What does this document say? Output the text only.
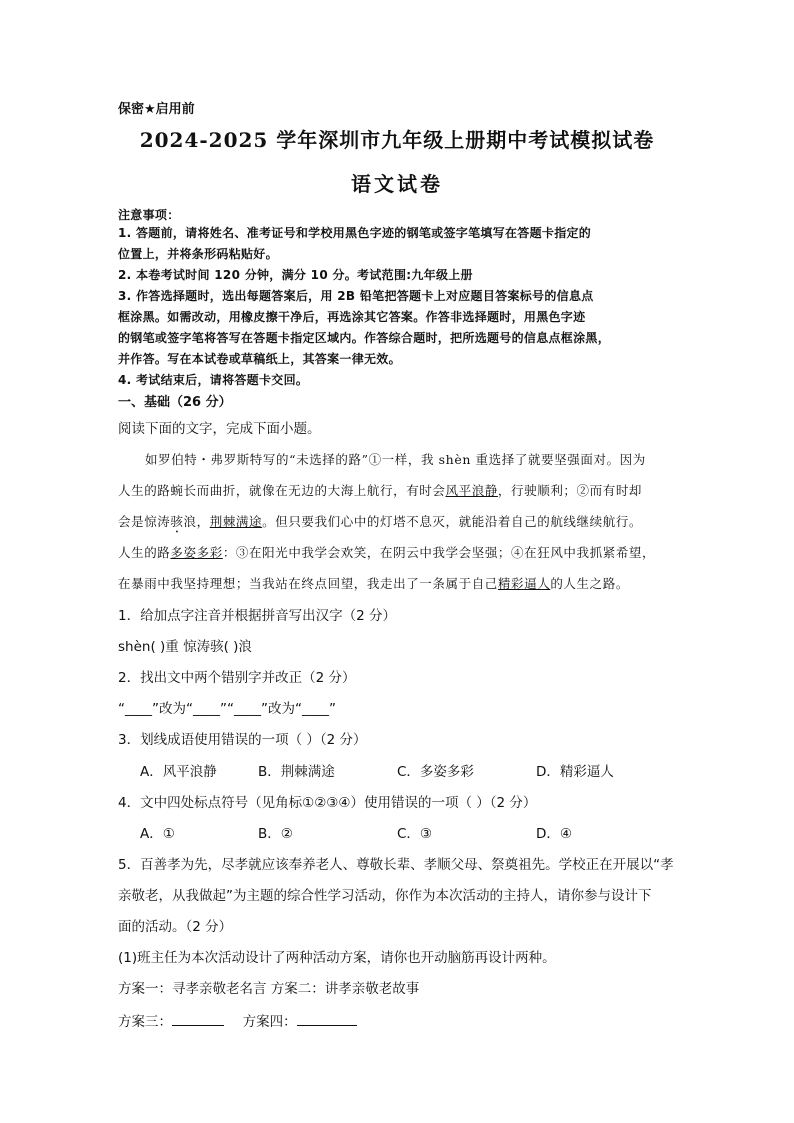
保密★启用前
2024-2025 学年深圳市九年级上册期中考试模拟试卷
语文试卷
注意事项：
1. 答题前，请将姓名、准考证号和学校用黑色字迹的钢笔或签字笔填写在答题卡指定的
位置上，并将条形码粘贴好。
2. 本卷考试时间 120 分钟，满分 10 分。考试范围:九年级上册
3. 作答选择题时，选出每题答案后，用 2B 铅笔把答题卡上对应题目答案标号的信息点
框涂黑。如需改动，用橡皮擦干净后，再选涂其它答案。作答非选择题时，用黑色字迹
的钢笔或签字笔将答写在答题卡指定区域内。作答综合题时，把所选题号的信息点框涂黑，
并作答。写在本试卷或草稿纸上，其答案一律无效。
4. 考试结束后，请将答题卡交回。
一、基础（26 分）
阅读下面的文字，完成下面小题。
如罗伯特・弗罗斯特写的“未选择的路”①一样，我 shèn 重选择了就要坚强面对。因为
人生的路蜿长而曲折，就像在无边的大海上航行，有时会风平浪静，行驶顺利；②而有时却
会是惊涛骇浪，荆棘满途。但只要我们心中的灯塔不息灭，就能沿着自己的航线继续航行。
人生的路多姿多彩：③在阳光中我学会欢笑，在阴云中我学会坚强；④在狂风中我抓紧希望，
在暴雨中我坚持理想；当我站在终点回望，我走出了一条属于自己精彩逼人的人生之路。
1．给加点字注音并根据拼音写出汉字（2 分）
shèn( )重 惊涛骇( )浪
2．找出文中两个错别字并改正（2 分）
“____”改为“____”“____”改为“____”
3．划线成语使用错误的一项（ ）（2 分）
A．风平浪静	B．荆棘满途	C．多姿多彩	D．精彩逼人
4．文中四处标点符号（见角标①②③④）使用错误的一项（ ）（2 分）
A．①	B．②	C．③	D．④
5．百善孝为先，尽孝就应该奉养老人、尊敬长辈、孝顺父母、祭奠祖先。学校正在开展以“孝
亲敬老，从我做起”为主题的综合性学习活动，你作为本次活动的主持人，请你参与设计下
面的活动。（2 分）
(1)班主任为本次活动设计了两种活动方案，请你也开动脑筋再设计两种。
方案一：寻孝亲敬老名言 方案二：讲孝亲敬老故事
方案三：	方案四：
